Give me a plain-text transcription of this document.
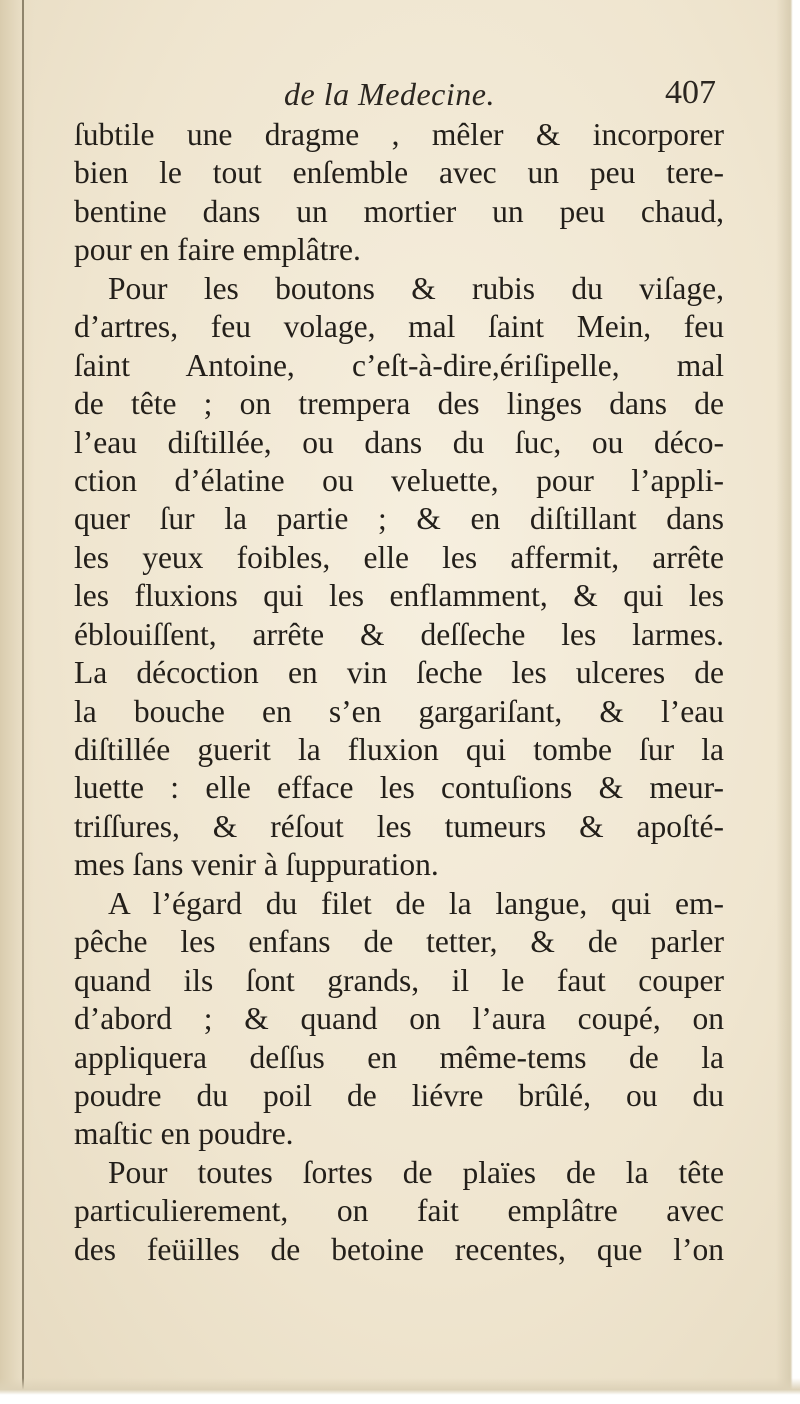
de la Medecine.	407
ſubtile une dragme , mêler & incorporer
bien le tout enſemble avec un peu tere-
bentine dans un mortier un peu chaud,
pour en faire emplâtre.
Pour les boutons & rubis du viſage,
d’artres, feu volage, mal ſaint Mein, feu
ſaint Antoine, c’eſt-à-dire,ériſipelle, mal
de tête ; on trempera des linges dans de
l’eau diſtillée, ou dans du ſuc, ou déco-
ction d’élatine ou veluette, pour l’appli-
quer ſur la partie ; & en diſtillant dans
les yeux foibles, elle les affermit, arrête
les fluxions qui les enflamment, & qui les
éblouiſſent, arrête & deſſeche les larmes.
La décoction en vin ſeche les ulceres de
la bouche en s’en gargariſant, & l’eau
diſtillée guerit la fluxion qui tombe ſur la
luette : elle efface les contuſions & meur-
triſſures, & réſout les tumeurs & apoſté-
mes ſans venir à ſuppuration.
A l’égard du filet de la langue, qui em-
pêche les enfans de tetter, & de parler
quand ils ſont grands, il le faut couper
d’abord ; & quand on l’aura coupé, on
appliquera deſſus en même-tems de la
poudre du poil de liévre brûlé, ou du
maſtic en poudre.
Pour toutes ſortes de plaïes de la tête
particulierement, on fait emplâtre avec
des feüilles de betoine recentes, que l’on
